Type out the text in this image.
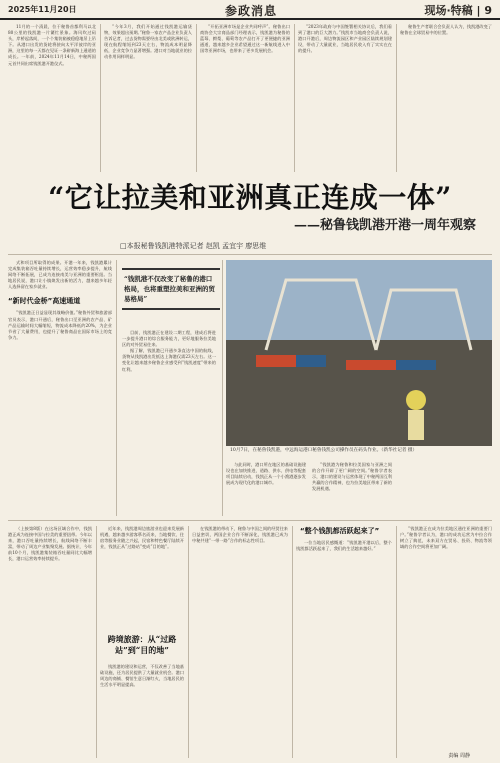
2025年11月20日	参政消息	现场·特稿 | 9

11月的一个清晨，位于秘鲁首都利马以北80公里的钱凯港一片繁忙景象。海风吹过码头，岸桥起落间，一个个集装箱被稳稳地吊上吊下。从港口出发的货轮将驶向太平洋彼岸的亚洲，这里的每一天都在见证一条崭新海上通道的成长。一年前，2024年11月14日，中秘两国元首共同出席钱凯港开港仪式。

“今年3月，我们开始通过钱凯港运输货物，效果超出预期。”秘鲁一家农产品企业负责人告诉记者，过去货物需要经由北美或欧洲转运，现在航程缩短到23天左右，物流成本明显降低，企业竞争力显著增强。港口对当地就业的拉动作用同样明显。

“开拓亚洲市场是企业共同呼声”。秘鲁出口商协会大宗商品部门经理表示，钱凯港为秘鲁的蓝莓、鳄梨、葡萄等农产品打开了更便捷的亚洲通道，越来越多企业希望通过这一新航线进入中国等亚洲市场，也带来了更多发展机会。

“2023年政府与中国签署相关协议后，我们看到了港口的巨大潜力。”钱凯市当地商会负责人说，港口开港后，周边物流园区和产业园区陆续规划建设，带动了大量就业，当地居民收入有了实实在在的提升。

秘鲁生产者联合会负责人认为，钱凯港改变了秘鲁在全球贸易中的位置。

“它让拉美和亚洲真正连成一体”
——秘鲁钱凯港开港一周年观察
□本报秘鲁钱凯港特派记者 赵凯 孟宜宇 廖思维

式和项目所取得的成果。开港一年来，钱凯港累计完成集装箱吞吐量持续增长，运营效率稳步提升，航线网络不断拓展，已成为连接南美与亚洲的重要枢纽。当地居民说，港口让小镇焕发出新的活力，越来越多年轻人选择留在家乡就业。

“新时代金桥”高速通道

“钱凯港正日益显现其战略价值。”秘鲁外贸和旅游部官员表示，港口开通后，秘鲁出口至亚洲的农产品、矿产品运输时间大幅缩短，物流成本降低约20%，为企业节省了大量费用，也提升了秘鲁商品在国际市场上的竞争力。

“钱凯港不仅改变了秘鲁的港口格局，也将重塑拉美和亚洲的贸易格局”

目前，钱凯港正在建设二期工程，建成后将进一步提升港口的综合服务能力，更好地服务拉美地区的对外贸易往来。

据了解，钱凯港已开通多条直达中国的航线，货物从钱凯港出发抵达上海港仅需23天左右。这一变化让越来越多秘鲁企业感受到“钱凯速度”带来的红利。

10月7日，在秘鲁钱凯港，中远海运港口秘鲁钱凯公司操作员在码头作业。（新华社记者 摄）

与此同时，港口所在地区的基础设施建设也在加快推进，道路、供水、供电等配套项目陆续启动，钱凯正从一个小渔港逐步发展成为现代化的港口城市。

“钱凯港为秘鲁和拉美国家与亚洲之间的合作开辟了更广阔的空间。”秘鲁学者表示，港口的建设与运营体现了中秘两国互利共赢的合作精神，也为拉美地区带来了新的发展机遇。

（上接第8版）在这场区域合作中，钱凯港正成为连接中国与拉美的重要纽带。今年以来，港口吞吐量持续增长，航线网络不断丰富，带动了周边产业集聚发展。据统计，今年前10个月，钱凯港集装箱吞吐量同比大幅增长，港口运营效率持续提升。

近年来，钱凯港周边旅游业也迎来发展新机遇，越来越多游客慕名而来，当地餐饮、住宿等服务业随之兴起，民宿和特色餐厅陆续开业，钱凯正从“过路站”变成“目的地”。

跨境旅游：从“过路站”到“目的地”

钱凯港的建设和运营，不仅改善了当地基础设施，还为居民提供了大量就业机会。港口周边的商铺、餐馆生意日渐红火，当地居民的生活水平明显提高。

在钱凯港的带动下，秘鲁与中国之间的经贸往来日益密切，两国企业合作不断深化，钱凯港已成为中秘共建“一带一路”合作的标志性项目。

“整个钱凯都活跃起来了”

一位当地居民感慨道：“钱凯港开港以后，整个钱凯都活跃起来了，我们的生活越来越好。”

“钱凯港正在成为拉美地区通往亚洲的重要门户。”秘鲁学者认为，港口的成功运营为中拉合作树立了典范，未来双方在贸易、投资、物流等领域的合作空间将更加广阔。

责编 周静
